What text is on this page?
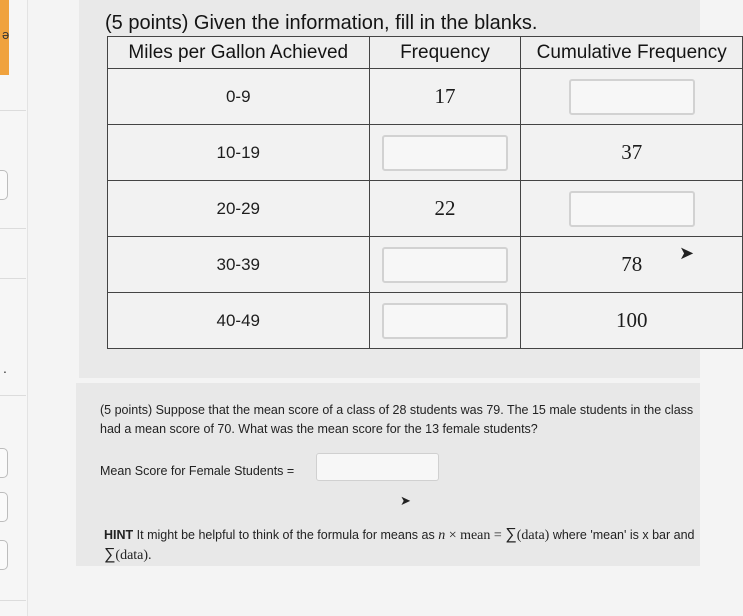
ə
.
(5 points) Given the information, fill in the blanks.
Miles per Gallon Achieved	Frequency	Cumulative Frequency
0-9	17	
10-19		37
20-29	22	
30-39		78
40-49		100
➤
(5 points) Suppose that the mean score of a class of 28 students was 79. The 15 male students in the class had a mean score of 70. What was the mean score for the 13 female students?
Mean Score for Female Students =
➤
HINT It might be helpful to think of the formula for means as n × mean = ∑(data) where 'mean' is x bar and ∑(data).
